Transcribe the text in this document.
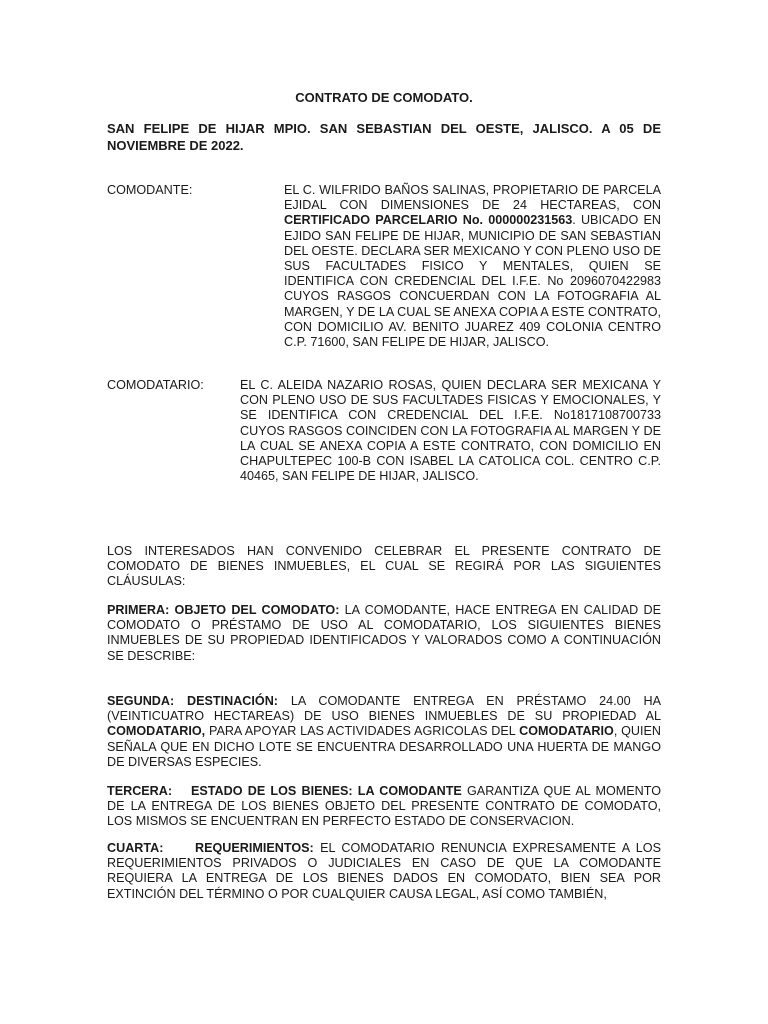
CONTRATO DE COMODATO.
SAN FELIPE DE HIJAR MPIO. SAN SEBASTIAN DEL OESTE, JALISCO. A 05 DE NOVIEMBRE DE 2022.
COMODANTE:	EL C. WILFRIDO BAÑOS SALINAS, PROPIETARIO DE PARCELA EJIDAL CON DIMENSIONES DE 24 HECTAREAS, CON CERTIFICADO PARCELARIO No. 000000231563. UBICADO EN EJIDO SAN FELIPE DE HIJAR, MUNICIPIO DE SAN SEBASTIAN DEL OESTE. DECLARA SER MEXICANO Y CON PLENO USO DE SUS FACULTADES FISICO Y MENTALES, QUIEN SE IDENTIFICA CON CREDENCIAL DEL I.F.E. No 2096070422983 CUYOS RASGOS CONCUERDAN CON LA FOTOGRAFIA AL MARGEN, Y DE LA CUAL SE ANEXA COPIA A ESTE CONTRATO, CON DOMICILIO AV. BENITO JUAREZ 409 COLONIA CENTRO C.P. 71600, SAN FELIPE DE HIJAR, JALISCO.
COMODATARIO:	EL C. ALEIDA NAZARIO ROSAS, QUIEN DECLARA SER MEXICANA Y CON PLENO USO DE SUS FACULTADES FISICAS Y EMOCIONALES, Y SE IDENTIFICA CON CREDENCIAL DEL I.F.E. No1817108700733 CUYOS RASGOS COINCIDEN CON LA FOTOGRAFIA AL MARGEN Y DE LA CUAL SE ANEXA COPIA A ESTE CONTRATO, CON DOMICILIO EN CHAPULTEPEC 100-B CON ISABEL LA CATOLICA COL. CENTRO C.P. 40465, SAN FELIPE DE HIJAR, JALISCO.
LOS INTERESADOS HAN CONVENIDO CELEBRAR EL PRESENTE CONTRATO DE COMODATO DE BIENES INMUEBLES, EL CUAL SE REGIRÁ POR LAS SIGUIENTES CLÁUSULAS:
PRIMERA: OBJETO DEL COMODATO: LA COMODANTE, HACE ENTREGA EN CALIDAD DE COMODATO O PRÉSTAMO DE USO AL COMODATARIO, LOS SIGUIENTES BIENES INMUEBLES DE SU PROPIEDAD IDENTIFICADOS Y VALORADOS COMO A CONTINUACIÓN SE DESCRIBE:
SEGUNDA: DESTINACIÓN: LA COMODANTE ENTREGA EN PRÉSTAMO 24.00 HA (VEINTICUATRO HECTAREAS) DE USO BIENES INMUEBLES DE SU PROPIEDAD AL COMODATARIO, PARA APOYAR LAS ACTIVIDADES AGRICOLAS DEL COMODATARIO, QUIEN SEÑALA QUE EN DICHO LOTE SE ENCUENTRA DESARROLLADO UNA HUERTA DE MANGO DE DIVERSAS ESPECIES.
TERCERA: ESTADO DE LOS BIENES: LA COMODANTE GARANTIZA QUE AL MOMENTO DE LA ENTREGA DE LOS BIENES OBJETO DEL PRESENTE CONTRATO DE COMODATO, LOS MISMOS SE ENCUENTRAN EN PERFECTO ESTADO DE CONSERVACION.
CUARTA:	REQUERIMIENTOS: EL COMODATARIO RENUNCIA EXPRESAMENTE A LOS REQUERIMIENTOS PRIVADOS O JUDICIALES EN CASO DE QUE LA COMODANTE REQUIERA LA ENTREGA DE LOS BIENES DADOS EN COMODATO, BIEN SEA POR EXTINCIÓN DEL TÉRMINO O POR CUALQUIER CAUSA LEGAL, ASÍ COMO TAMBIÉN,
